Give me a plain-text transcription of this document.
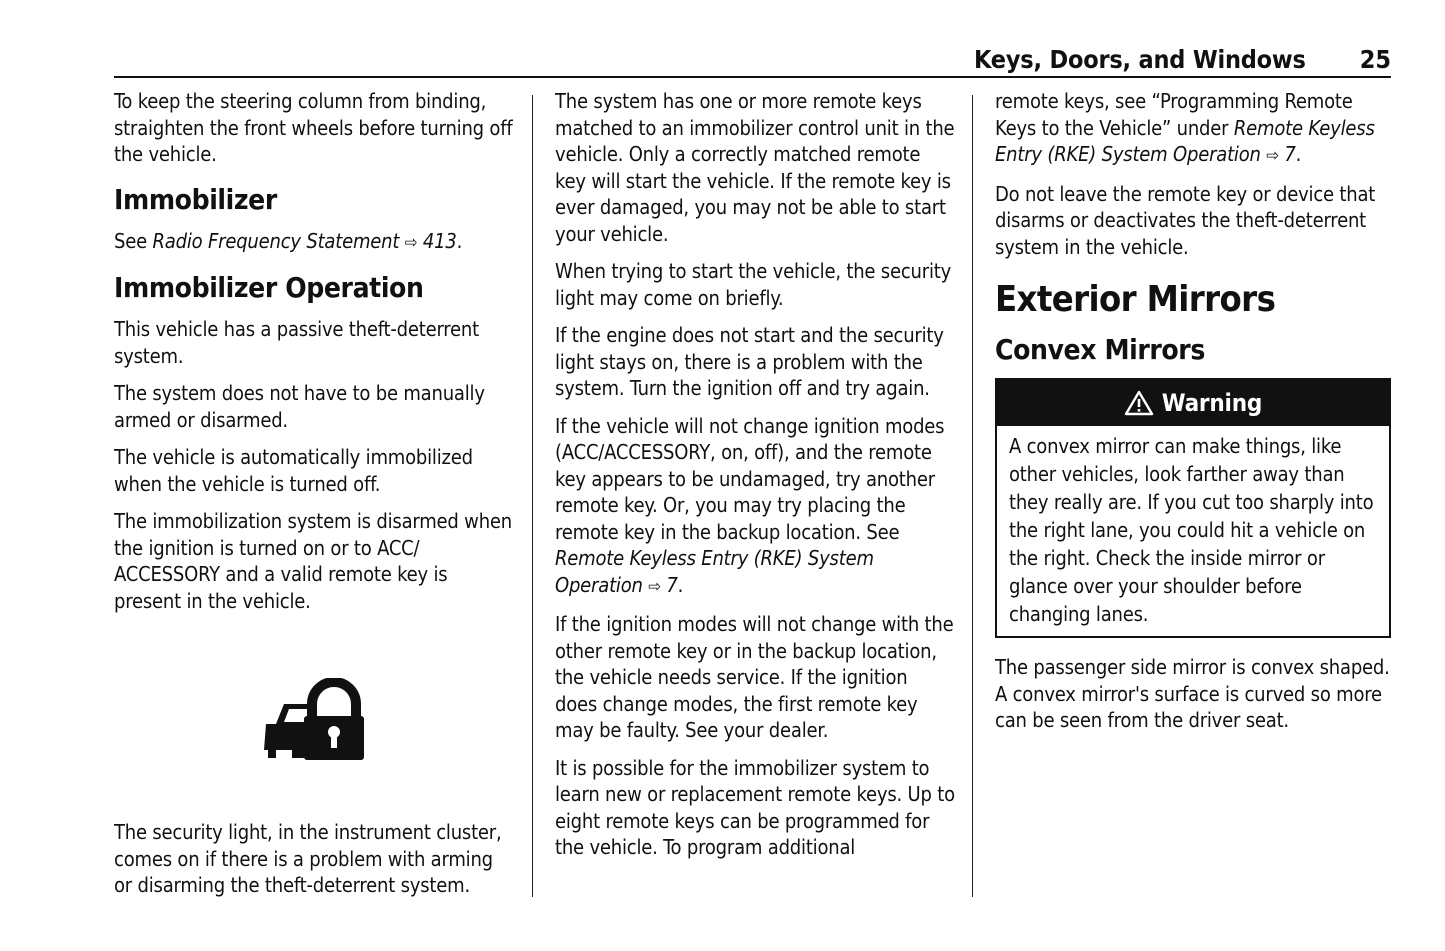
Keys, Doors, and Windows 25

To keep the steering column from binding, straighten the front wheels before turning off the vehicle.

Immobilizer

See Radio Frequency Statement ⇨ 413.

Immobilizer Operation

This vehicle has a passive theft-deterrent system.

The system does not have to be manually armed or disarmed.

The vehicle is automatically immobilized when the vehicle is turned off.

The immobilization system is disarmed when the ignition is turned on or to ACC/ ACCESSORY and a valid remote key is present in the vehicle.

The security light, in the instrument cluster, comes on if there is a problem with arming or disarming the theft-deterrent system.

The system has one or more remote keys matched to an immobilizer control unit in the vehicle. Only a correctly matched remote key will start the vehicle. If the remote key is ever damaged, you may not be able to start your vehicle.

When trying to start the vehicle, the security light may come on briefly.

If the engine does not start and the security light stays on, there is a problem with the system. Turn the ignition off and try again.

If the vehicle will not change ignition modes (ACC/ACCESSORY, on, off), and the remote key appears to be undamaged, try another remote key. Or, you may try placing the remote key in the backup location. See Remote Keyless Entry (RKE) System Operation ⇨ 7.

If the ignition modes will not change with the other remote key or in the backup location, the vehicle needs service. If the ignition does change modes, the first remote key may be faulty. See your dealer.

It is possible for the immobilizer system to learn new or replacement remote keys. Up to eight remote keys can be programmed for the vehicle. To program additional

remote keys, see “Programming Remote Keys to the Vehicle” under Remote Keyless Entry (RKE) System Operation ⇨ 7.

Do not leave the remote key or device that disarms or deactivates the theft-deterrent system in the vehicle.

Exterior Mirrors
Convex Mirrors
Warning
A convex mirror can make things, like other vehicles, look farther away than they really are. If you cut too sharply into the right lane, you could hit a vehicle on the right. Check the inside mirror or glance over your shoulder before changing lanes.

The passenger side mirror is convex shaped. A convex mirror's surface is curved so more can be seen from the driver seat.
